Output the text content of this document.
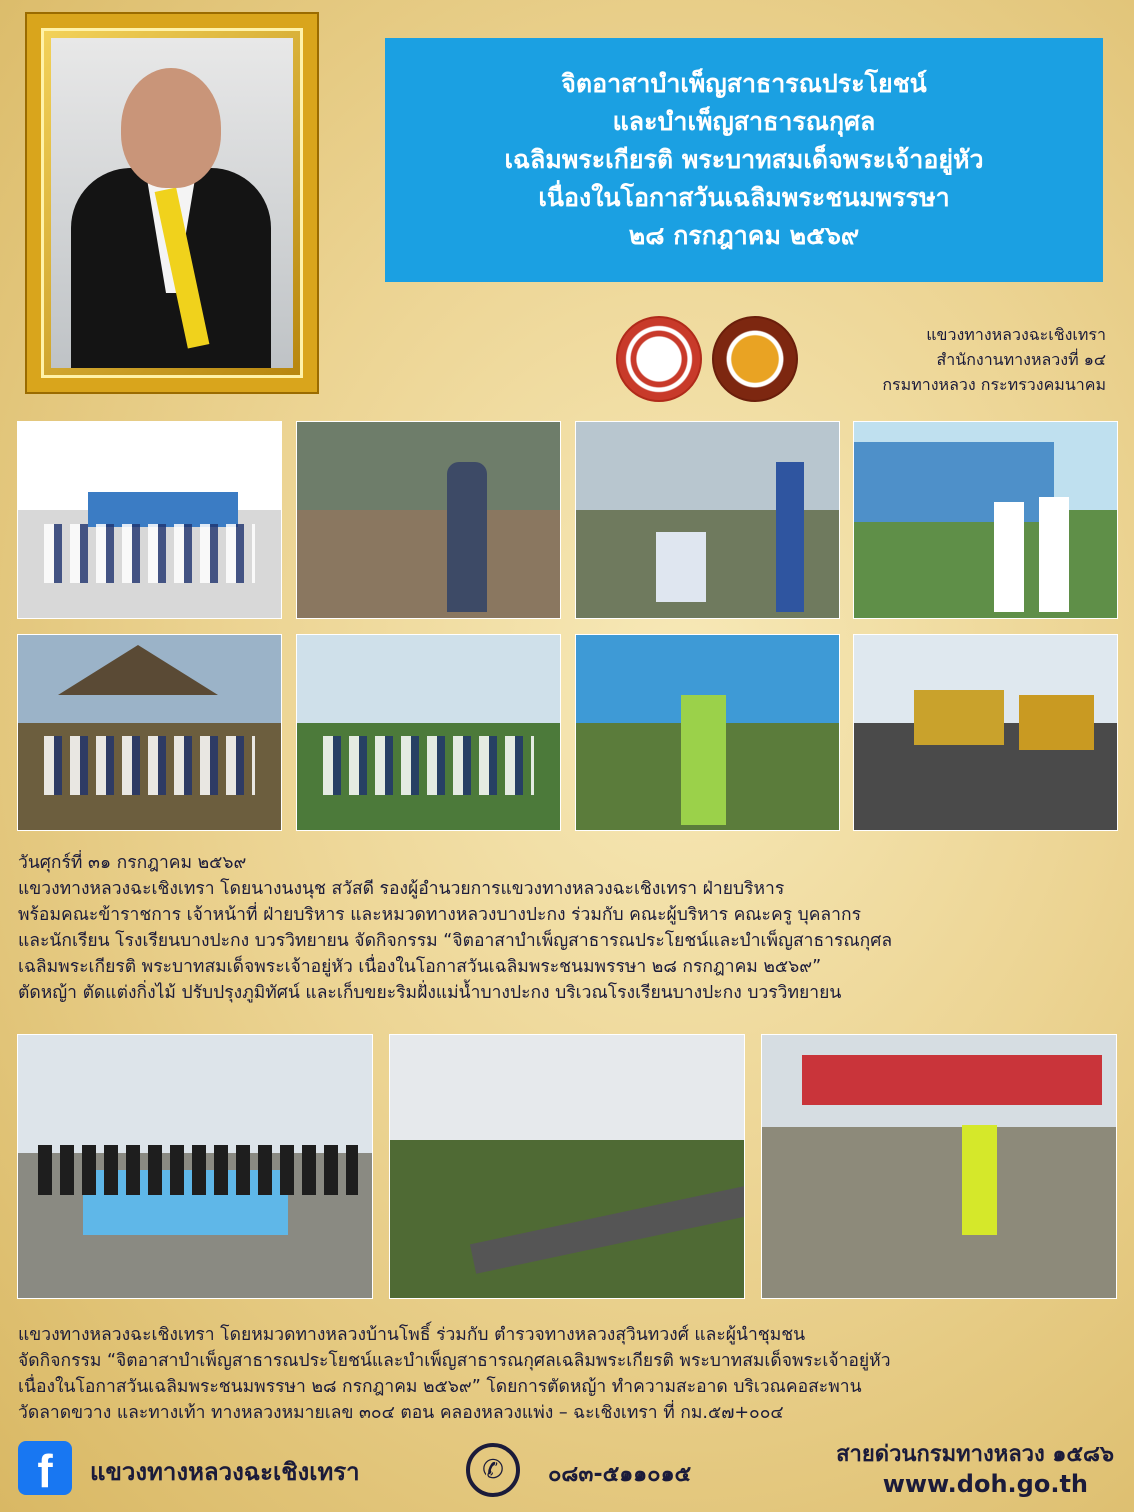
จิตอาสาบำเพ็ญสาธารณประโยชน์
และบำเพ็ญสาธารณกุศล
เฉลิมพระเกียรติ พระบาทสมเด็จพระเจ้าอยู่หัว
เนื่องในโอกาสวันเฉลิมพระชนมพรรษา
๒๘ กรกฎาคม ๒๕๖๙
แขวงทางหลวงฉะเชิงเทรา
สำนักงานทางหลวงที่ ๑๔
กรมทางหลวง กระทรวงคมนาคม
วันศุกร์ที่ ๓๑ กรกฎาคม ๒๕๖๙
แขวงทางหลวงฉะเชิงเทรา โดยนางนงนุช สวัสดี รองผู้อำนวยการแขวงทางหลวงฉะเชิงเทรา ฝ่ายบริหาร
พร้อมคณะข้าราชการ เจ้าหน้าที่ ฝ่ายบริหาร และหมวดทางหลวงบางปะกง ร่วมกับ คณะผู้บริหาร คณะครู บุคลากร
และนักเรียน โรงเรียนบางปะกง บวรวิทยายน จัดกิจกรรม “จิตอาสาบำเพ็ญสาธารณประโยชน์และบำเพ็ญสาธารณกุศล
เฉลิมพระเกียรติ พระบาทสมเด็จพระเจ้าอยู่หัว เนื่องในโอกาสวันเฉลิมพระชนมพรรษา ๒๘ กรกฎาคม ๒๕๖๙”
ตัดหญ้า ตัดแต่งกิ่งไม้ ปรับปรุงภูมิทัศน์ และเก็บขยะริมฝั่งแม่น้ำบางปะกง บริเวณโรงเรียนบางปะกง บวรวิทยายน
แขวงทางหลวงฉะเชิงเทรา โดยหมวดทางหลวงบ้านโพธิ์ ร่วมกับ ตำรวจทางหลวงสุวินทวงศ์ และผู้นำชุมชน
จัดกิจกรรม “จิตอาสาบำเพ็ญสาธารณประโยชน์และบำเพ็ญสาธารณกุศลเฉลิมพระเกียรติ พระบาทสมเด็จพระเจ้าอยู่หัว
เนื่องในโอกาสวันเฉลิมพระชนมพรรษา ๒๘ กรกฎาคม ๒๕๖๙” โดยการตัดหญ้า ทำความสะอาด บริเวณคอสะพาน
วัดลาดขวาง และทางเท้า ทางหลวงหมายเลข ๓๐๔ ตอน คลองหลวงแพ่ง – ฉะเชิงเทรา ที่ กม.๕๗+๐๐๔
f	แขวงทางหลวงฉะเชิงเทรา	✆ ๐๘๓-๕๑๑๐๑๕
สายด่วนกรมทางหลวง ๑๕๘๖
www.doh.go.th
